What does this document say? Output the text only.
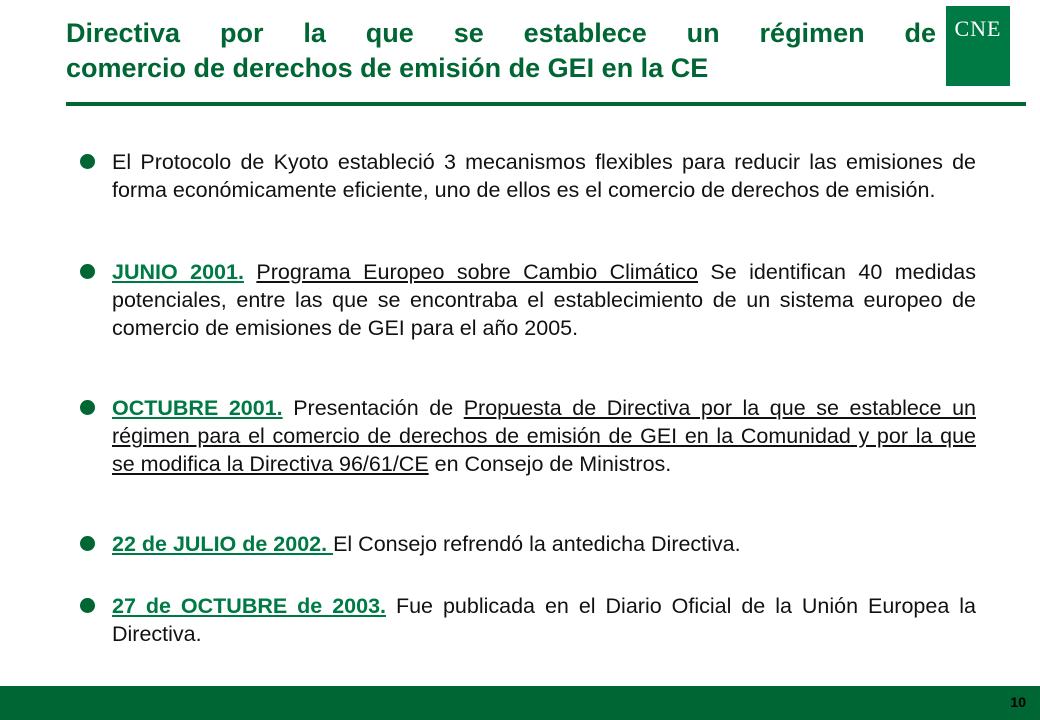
Directiva por la que se establece un régimen de
comercio de derechos de emisión de GEI en la CE
CNE
El Protocolo de Kyoto estableció 3 mecanismos flexibles para reducir las emisiones de forma económicamente eficiente, uno de ellos es el comercio de derechos de emisión.
JUNIO 2001. Programa Europeo sobre Cambio Climático Se identifican 40 medidas potenciales, entre las que se encontraba el establecimiento de un sistema europeo de comercio de emisiones de GEI para el año 2005.
OCTUBRE 2001. Presentación de Propuesta de Directiva por la que se establece un régimen para el comercio de derechos de emisión de GEI en la Comunidad y por la que se modifica la Directiva 96/61/CE en Consejo de Ministros.
22 de JULIO de 2002. El Consejo refrendó la antedicha Directiva.
27 de OCTUBRE de 2003. Fue publicada en el Diario Oficial de la Unión Europea la Directiva.
10
